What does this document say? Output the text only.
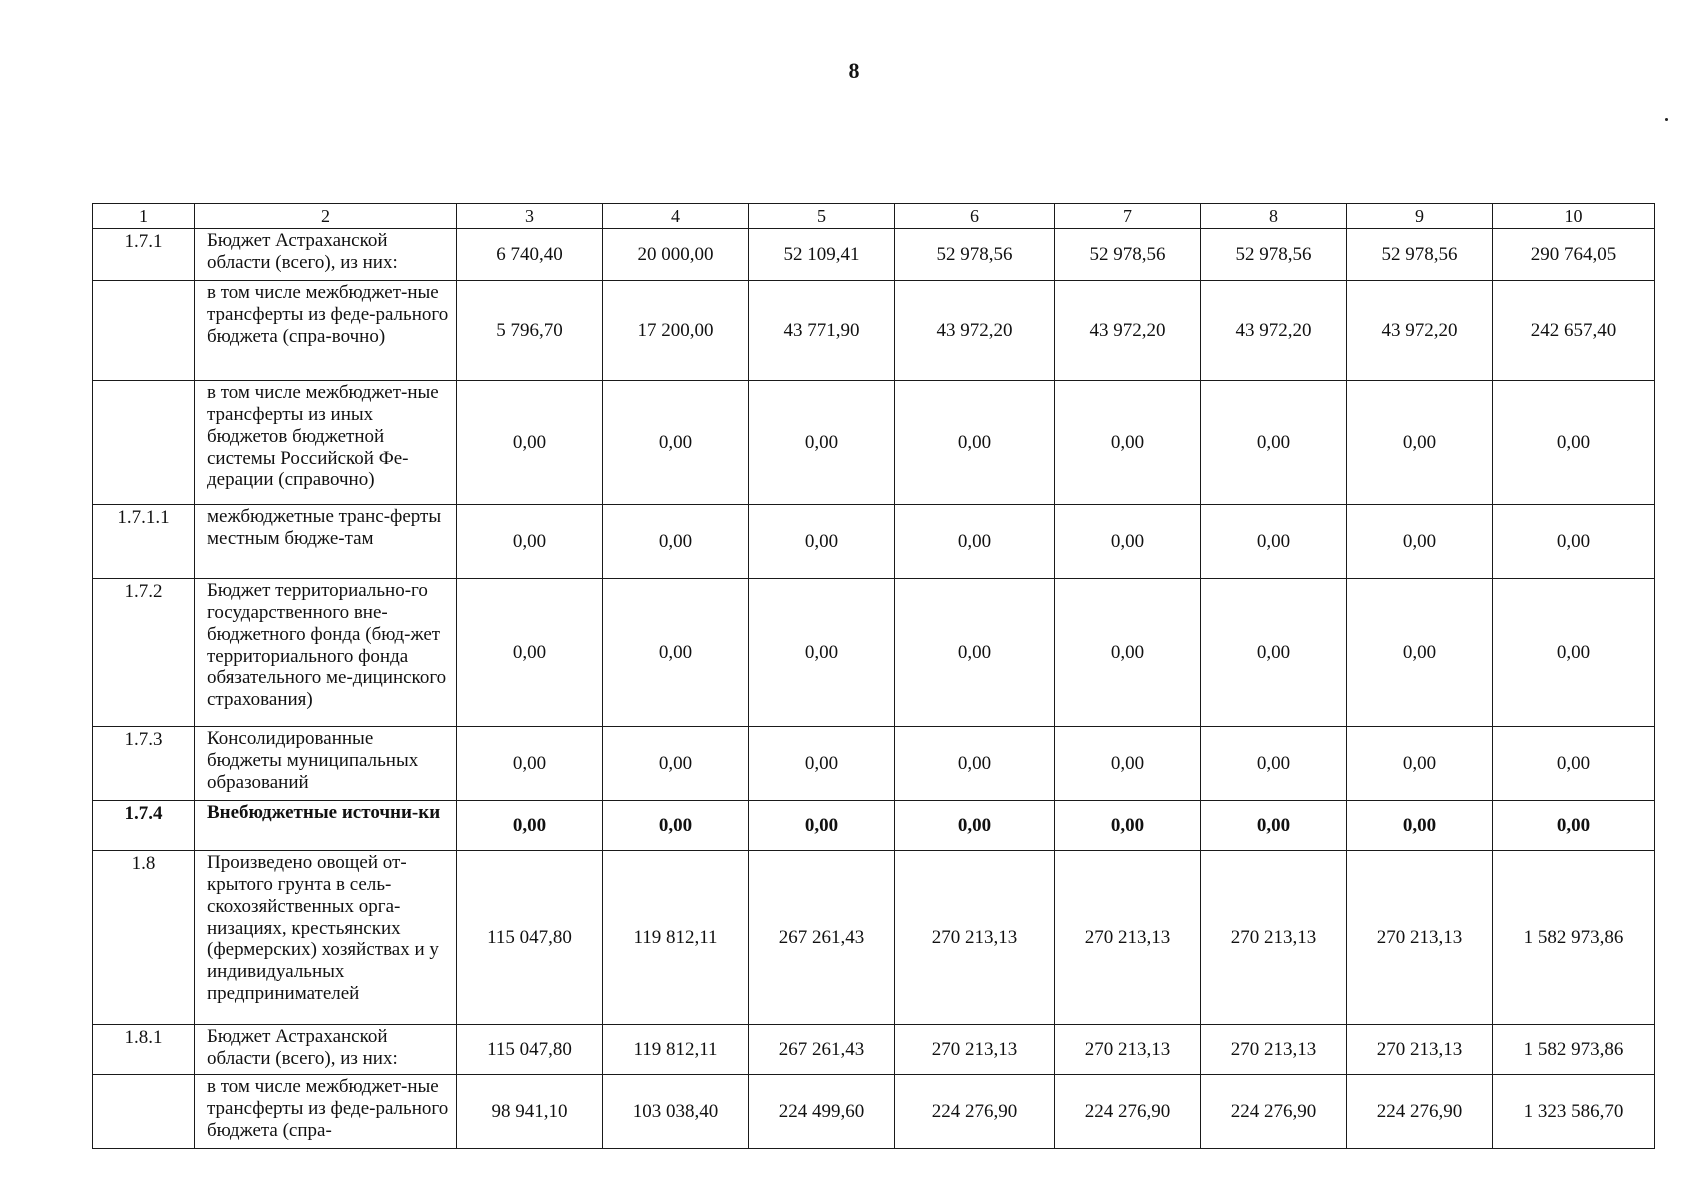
8
1	2	3	4	5	6	7	8	9	10
1.7.1	Бюджет Астраханской области (всего), из них:	6 740,40	20 000,00	52 109,41	52 978,56	52 978,56	52 978,56	52 978,56	290 764,05
	в том числе межбюджет-ные трансферты из феде-рального бюджета (спра-вочно)	5 796,70	17 200,00	43 771,90	43 972,20	43 972,20	43 972,20	43 972,20	242 657,40
	в том числе межбюджет-ные трансферты из иных бюджетов бюджетной системы Российской Фе-дерации (справочно)	0,00	0,00	0,00	0,00	0,00	0,00	0,00	0,00
1.7.1.1	межбюджетные транс-ферты местным бюдже-там	0,00	0,00	0,00	0,00	0,00	0,00	0,00	0,00
1.7.2	Бюджет территориально-го государственного вне-бюджетного фонда (бюд-жет территориального фонда обязательного ме-дицинского страхования)	0,00	0,00	0,00	0,00	0,00	0,00	0,00	0,00
1.7.3	Консолидированные бюджеты муниципальных образований	0,00	0,00	0,00	0,00	0,00	0,00	0,00	0,00
1.7.4	Внебюджетные источни-ки	0,00	0,00	0,00	0,00	0,00	0,00	0,00	0,00
1.8	Произведено овощей от-крытого грунта в сель-скохозяйственных орга-низациях, крестьянских (фермерских) хозяйствах и у индивидуальных предпринимателей	115 047,80	119 812,11	267 261,43	270 213,13	270 213,13	270 213,13	270 213,13	1 582 973,86
1.8.1	Бюджет Астраханской области (всего), из них:	115 047,80	119 812,11	267 261,43	270 213,13	270 213,13	270 213,13	270 213,13	1 582 973,86
	в том числе межбюджет-ные трансферты из феде-рального бюджета (спра-	98 941,10	103 038,40	224 499,60	224 276,90	224 276,90	224 276,90	224 276,90	1 323 586,70
